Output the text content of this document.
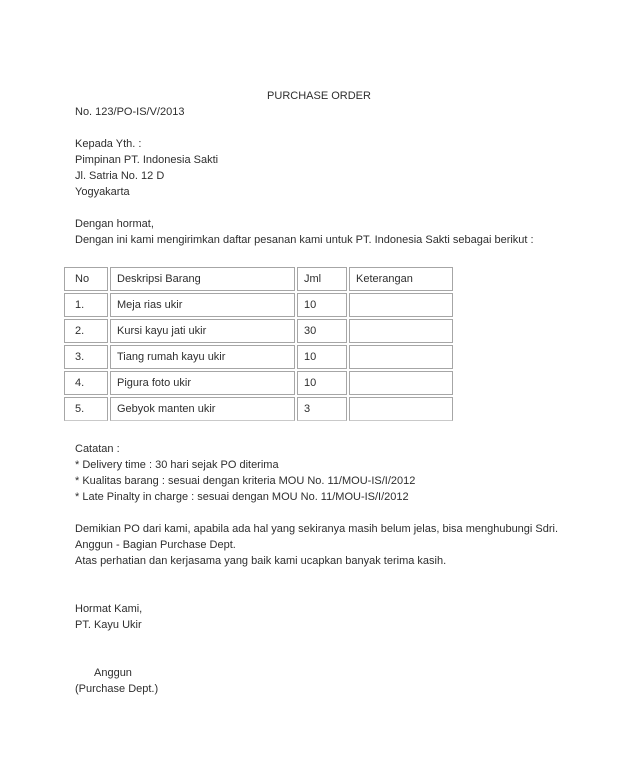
PURCHASE ORDER
No. 123/PO-IS/V/2013
Kepada Yth. :
Pimpinan PT. Indonesia Sakti
Jl. Satria No. 12 D
Yogyakarta
Dengan hormat,
Dengan ini kami mengirimkan daftar pesanan kami untuk PT. Indonesia Sakti sebagai berikut :
No	Deskripsi Barang	Jml	Keterangan
1.	Meja rias ukir	10	
2.	Kursi kayu jati ukir	30	
3.	Tiang rumah kayu ukir	10	
4.	Pigura foto ukir	10	
5.	Gebyok manten ukir	3	
Catatan :
* Delivery time : 30 hari sejak PO diterima
* Kualitas barang : sesuai dengan kriteria MOU No. 11/MOU-IS/I/2012
* Late Pinalty in charge : sesuai dengan MOU No. 11/MOU-IS/I/2012
Demikian PO dari kami, apabila ada hal yang sekiranya masih belum jelas, bisa menghubungi Sdri.
Anggun - Bagian Purchase Dept.
Atas perhatian dan kerjasama yang baik kami ucapkan banyak terima kasih.
Hormat Kami,
PT. Kayu Ukir
Anggun
(Purchase Dept.)
